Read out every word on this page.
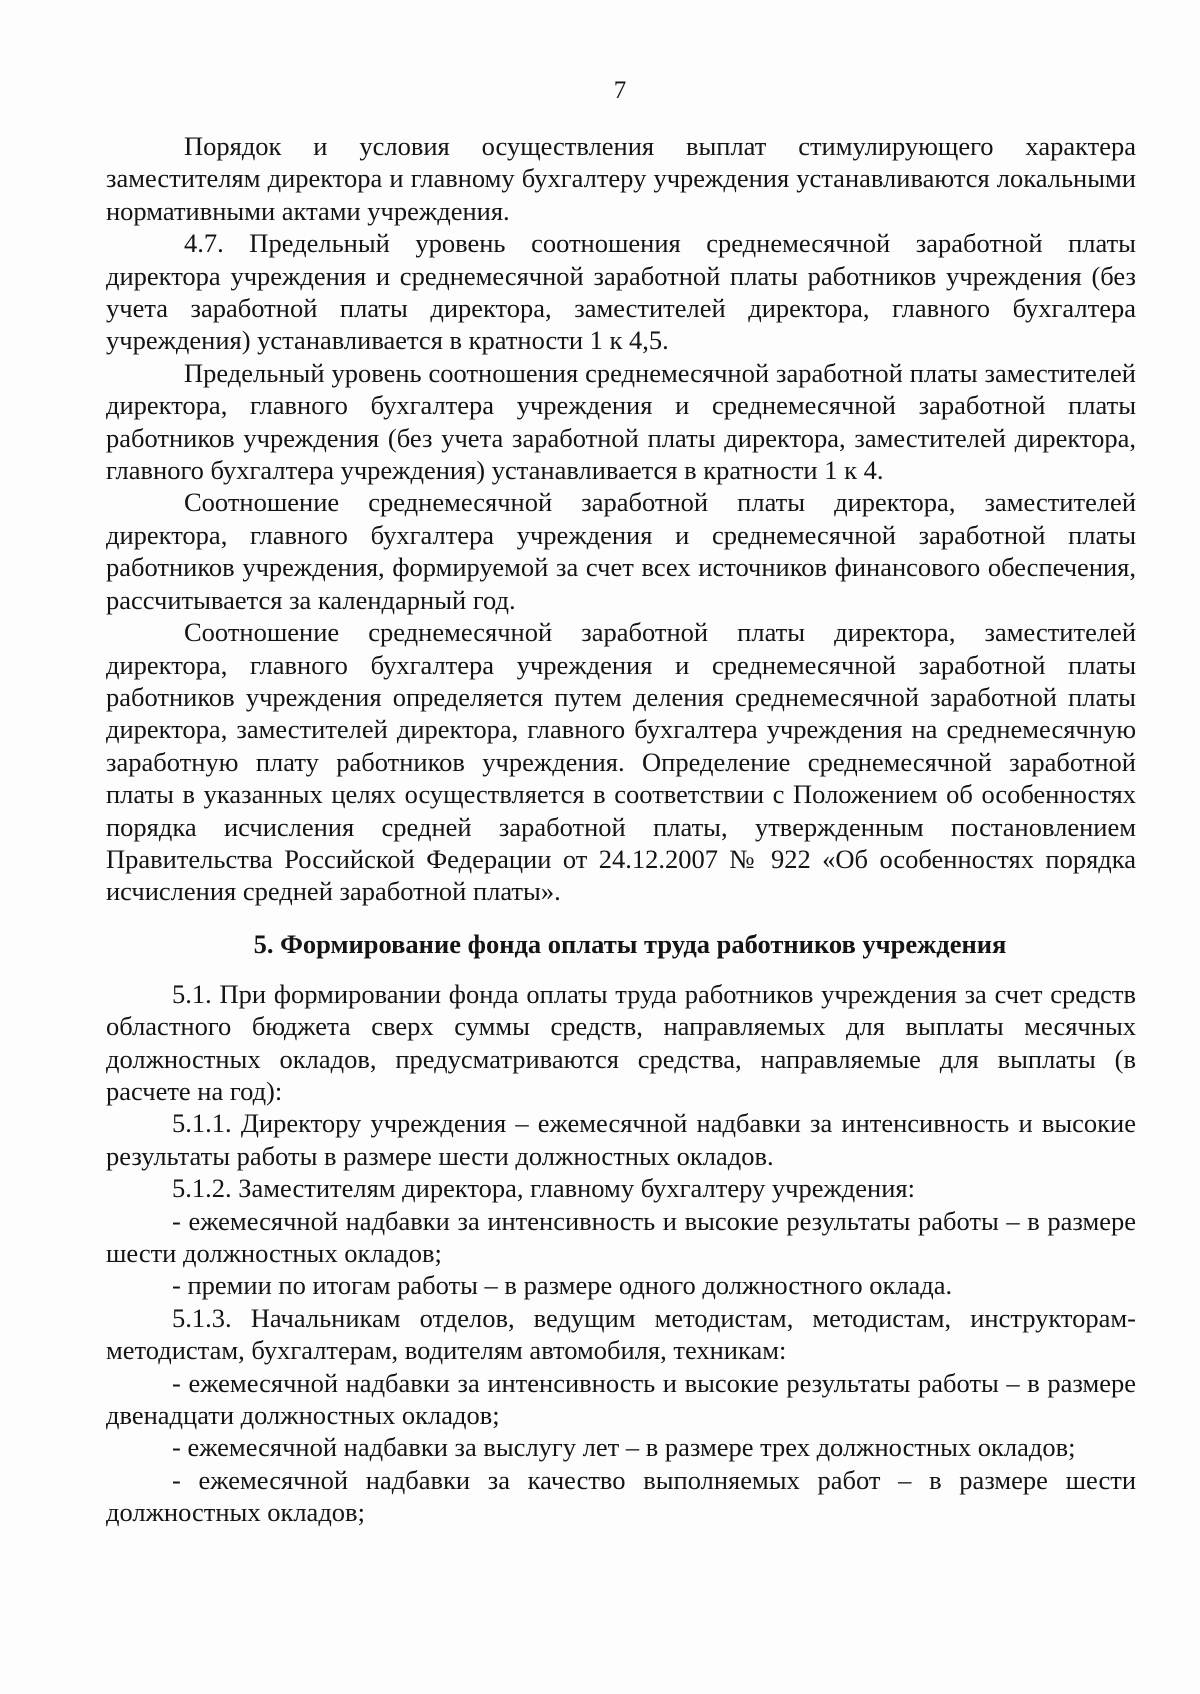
7

Порядок и условия осуществления выплат стимулирующего характера заместителям директора и главному бухгалтеру учреждения устанавливаются локальными нормативными актами учреждения.

4.7. Предельный уровень соотношения среднемесячной заработной платы директора учреждения и среднемесячной заработной платы работников учреждения (без учета заработной платы директора, заместителей директора, главного бухгалтера учреждения) устанавливается в кратности 1 к 4,5.

Предельный уровень соотношения среднемесячной заработной платы заместителей директора, главного бухгалтера учреждения и среднемесячной заработной платы работников учреждения (без учета заработной платы директора, заместителей директора, главного бухгалтера учреждения) устанавливается в кратности 1 к 4.

Соотношение среднемесячной заработной платы директора, заместителей директора, главного бухгалтера учреждения и среднемесячной заработной платы работников учреждения, формируемой за счет всех источников финансового обеспечения, рассчитывается за календарный год.

Соотношение среднемесячной заработной платы директора, заместителей директора, главного бухгалтера учреждения и среднемесячной заработной платы работников учреждения определяется путем деления среднемесячной заработной платы директора, заместителей директора, главного бухгалтера учреждения на среднемесячную заработную плату работников учреждения. Определение среднемесячной заработной платы в указанных целях осуществляется в соответствии с Положением об особенностях порядка исчисления средней заработной платы, утвержденным постановлением Правительства Российской Федерации от 24.12.2007 № 922 «Об особенностях порядка исчисления средней заработной платы».

5. Формирование фонда оплаты труда работников учреждения

5.1. При формировании фонда оплаты труда работников учреждения за счет средств областного бюджета сверх суммы средств, направляемых для выплаты месячных должностных окладов, предусматриваются средства, направляемые для выплаты (в расчете на год):

5.1.1. Директору учреждения – ежемесячной надбавки за интенсивность и высокие результаты работы в размере шести должностных окладов.

5.1.2. Заместителям директора, главному бухгалтеру учреждения:

- ежемесячной надбавки за интенсивность и высокие результаты работы – в размере шести должностных окладов;

- премии по итогам работы – в размере одного должностного оклада.

5.1.3. Начальникам отделов, ведущим методистам, методистам, инструкторам-методистам, бухгалтерам, водителям автомобиля, техникам:

- ежемесячной надбавки за интенсивность и высокие результаты работы – в размере двенадцати должностных окладов;

- ежемесячной надбавки за выслугу лет – в размере трех должностных окладов;

- ежемесячной надбавки за качество выполняемых работ – в размере шести должностных окладов;
